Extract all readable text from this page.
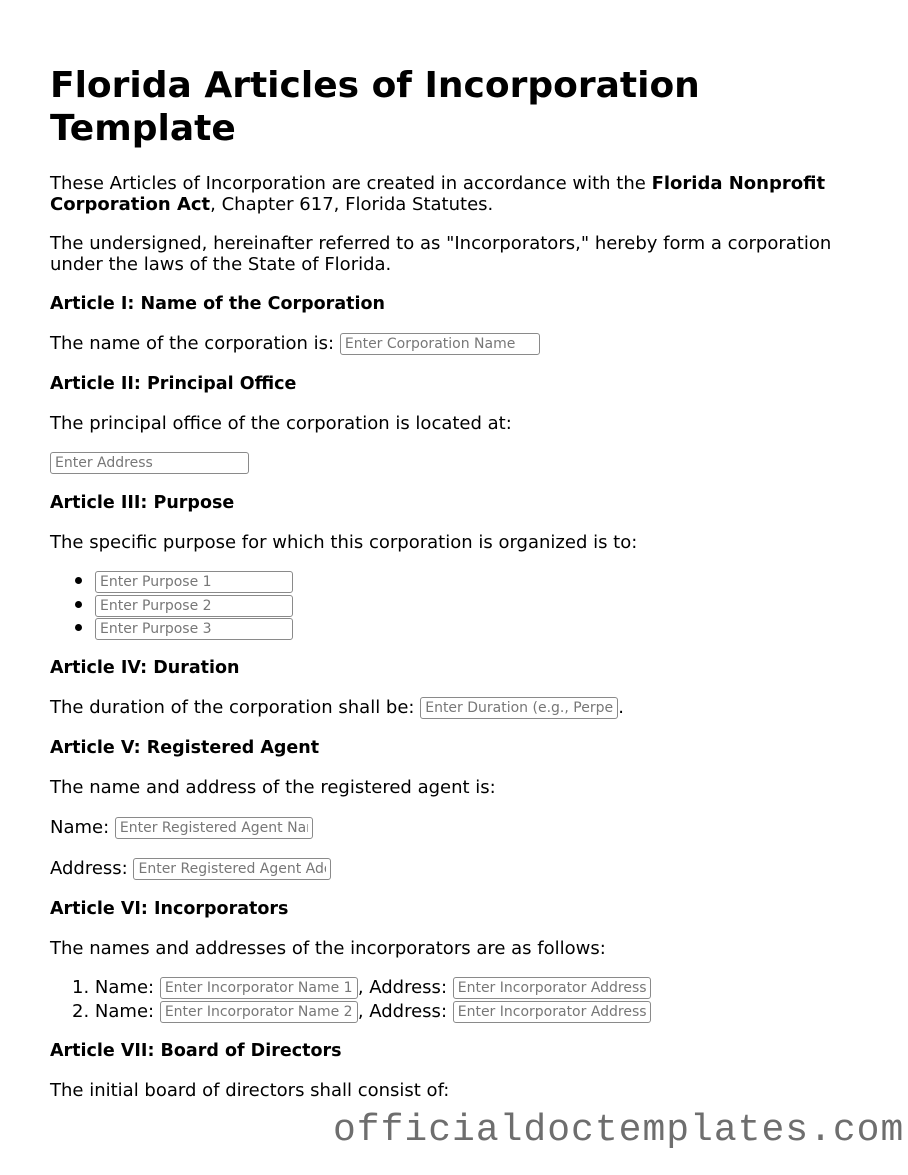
Florida Articles of Incorporation Template

These Articles of Incorporation are created in accordance with the Florida Nonprofit Corporation Act, Chapter 617, Florida Statutes.

The undersigned, hereinafter referred to as "Incorporators," hereby form a corporation under the laws of the State of Florida.

Article I: Name of the Corporation

The name of the corporation is: Enter Corporation Name

Article II: Principal Office

The principal office of the corporation is located at:

Enter Address
Article III: Purpose

The specific purpose for which this corporation is organized is to:

Enter Purpose 1
Enter Purpose 2
Enter Purpose 3
Article IV: Duration

The duration of the corporation shall be: Enter Duration (e.g., Perpetual)	.

Article V: Registered Agent

The name and address of the registered agent is:

Name: Enter Registered Agent Name

Address: Enter Registered Agent Address

Article VI: Incorporators

The names and addresses of the incorporators are as follows:

1. Name: Enter Incorporator Name 1	, Address: Enter Incorporator Address 1
2. Name: Enter Incorporator Name 2	, Address: Enter Incorporator Address 2
Article VII: Board of Directors

The initial board of directors shall consist of:

officialdoctemplates.com
